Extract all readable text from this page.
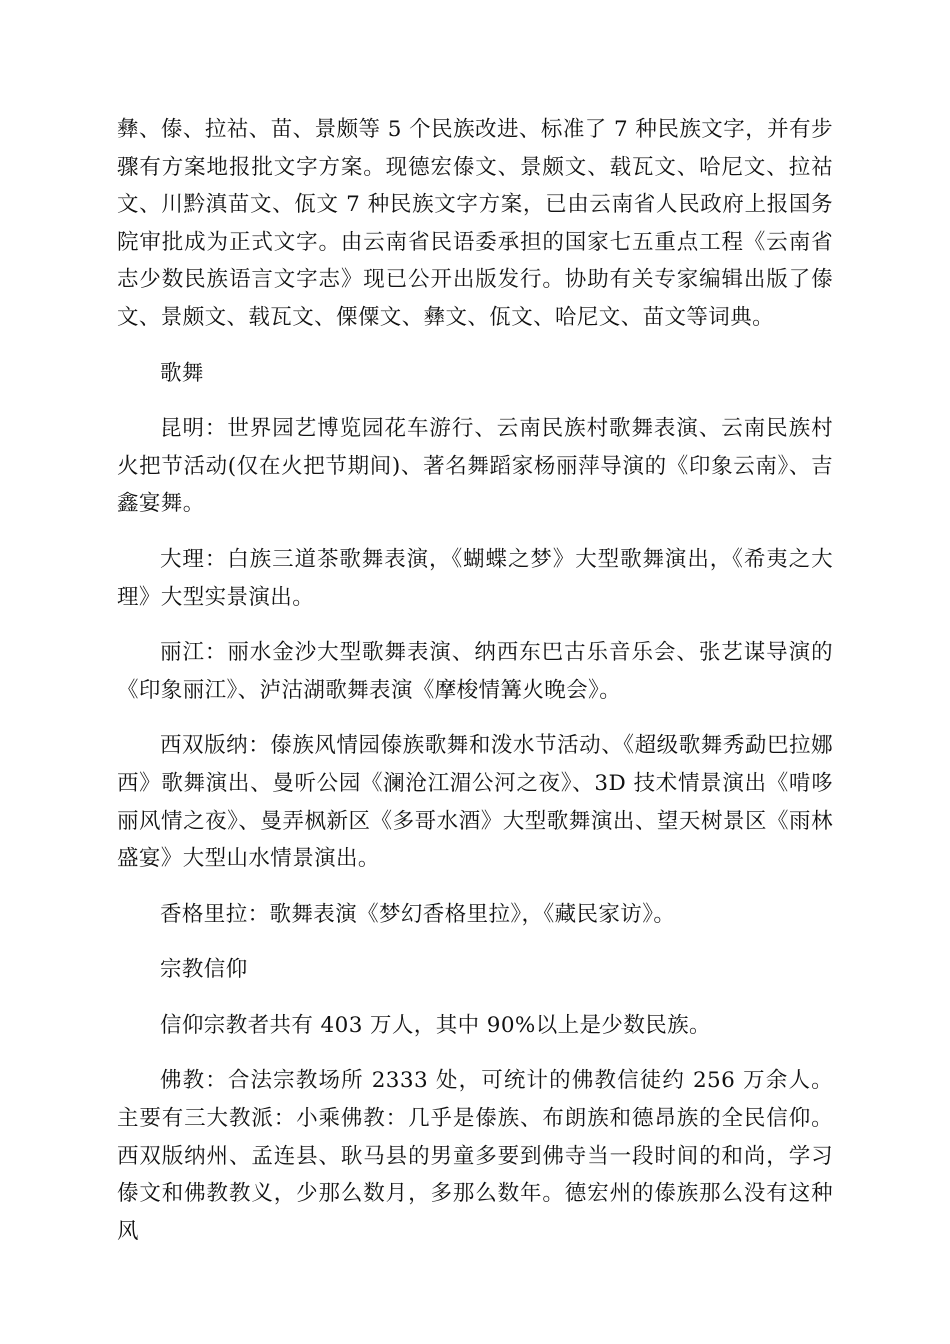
彝、傣、拉祜、苗、景颇等 5 个民族改进、标准了 7 种民族文字，并有步骤有方案地报批文字方案。现德宏傣文、景颇文、载瓦文、哈尼文、拉祜文、川黔滇苗文、佤文 7 种民族文字方案，已由云南省人民政府上报国务院审批成为正式文字。由云南省民语委承担的国家七五重点工程《云南省志少数民族语言文字志》现已公开出版发行。协助有关专家编辑出版了傣文、景颇文、载瓦文、傈僳文、彝文、佤文、哈尼文、苗文等词典。

歌舞

昆明：世界园艺博览园花车游行、云南民族村歌舞表演、云南民族村火把节活动(仅在火把节期间)、著名舞蹈家杨丽萍导演的《印象云南》、吉鑫宴舞。

大理：白族三道茶歌舞表演，《蝴蝶之梦》大型歌舞演出，《希夷之大理》大型实景演出。

丽江：丽水金沙大型歌舞表演、纳西东巴古乐音乐会、张艺谋导演的《印象丽江》、泸沽湖歌舞表演《摩梭情篝火晚会》。

西双版纳：傣族风情园傣族歌舞和泼水节活动、《超级歌舞秀勐巴拉娜西》歌舞演出、曼听公园《澜沧江湄公河之夜》、3D 技术情景演出《啃哆丽风情之夜》、曼弄枫新区《多哥水酒》大型歌舞演出、望天树景区《雨林盛宴》大型山水情景演出。

香格里拉：歌舞表演《梦幻香格里拉》，《藏民家访》。

宗教信仰

信仰宗教者共有 403 万人，其中 90%以上是少数民族。

佛教：合法宗教场所 2333 处，可统计的佛教信徒约 256 万余人。主要有三大教派：小乘佛教：几乎是傣族、布朗族和德昂族的全民信仰。西双版纳州、孟连县、耿马县的男童多要到佛寺当一段时间的和尚，学习傣文和佛教教义，少那么数月，多那么数年。德宏州的傣族那么没有这种风
